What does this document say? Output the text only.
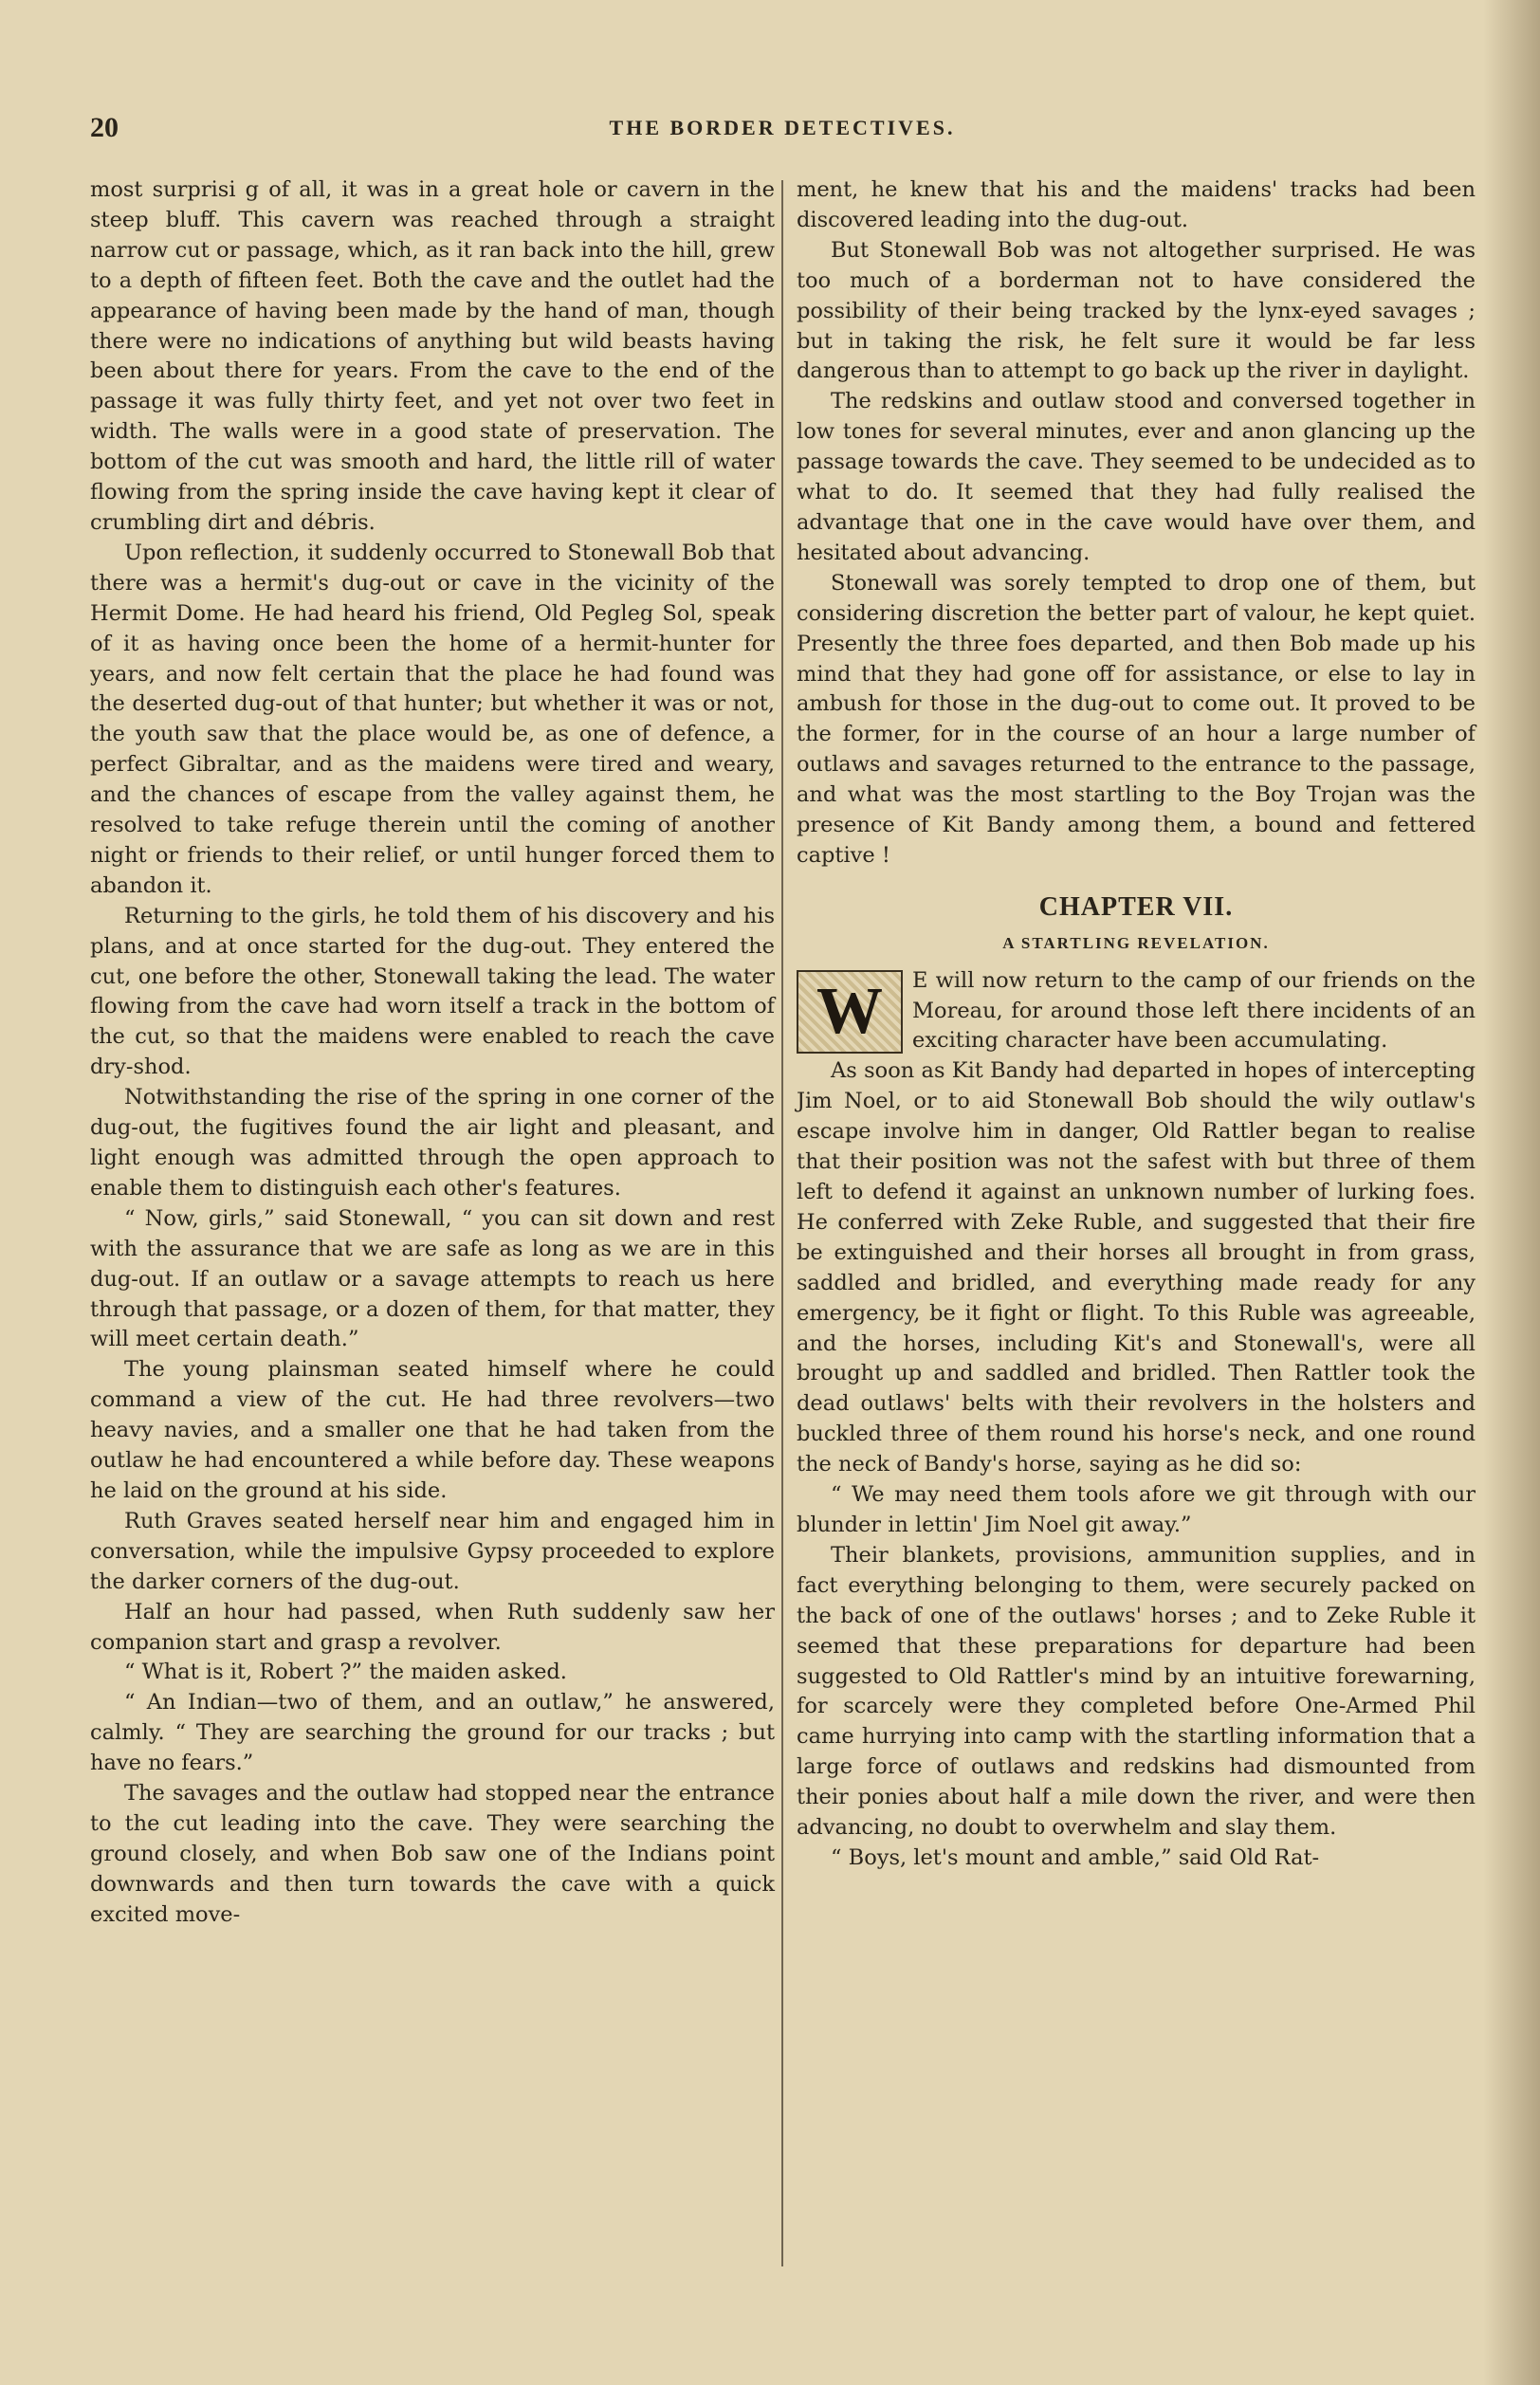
20	THE BORDER DETECTIVES.

most surprisi g of all, it was in a great hole or cavern in the steep bluff. This cavern was reached through a straight narrow cut or passage, which, as it ran back into the hill, grew to a depth of fifteen feet. Both the cave and the outlet had the appearance of having been made by the hand of man, though there were no indications of anything but wild beasts having been about there for years. From the cave to the end of the passage it was fully thirty feet, and yet not over two feet in width. The walls were in a good state of preservation. The bottom of the cut was smooth and hard, the little rill of water flowing from the spring inside the cave having kept it clear of crumbling dirt and débris.

Upon reflection, it suddenly occurred to Stonewall Bob that there was a hermit's dug-out or cave in the vicinity of the Hermit Dome. He had heard his friend, Old Pegleg Sol, speak of it as having once been the home of a hermit-hunter for years, and now felt certain that the place he had found was the deserted dug-out of that hunter; but whether it was or not, the youth saw that the place would be, as one of defence, a perfect Gibraltar, and as the maidens were tired and weary, and the chances of escape from the valley against them, he resolved to take refuge therein until the coming of another night or friends to their relief, or until hunger forced them to abandon it.

Returning to the girls, he told them of his discovery and his plans, and at once started for the dug-out. They entered the cut, one before the other, Stonewall taking the lead. The water flowing from the cave had worn itself a track in the bottom of the cut, so that the maidens were enabled to reach the cave dry-shod.

Notwithstanding the rise of the spring in one corner of the dug-out, the fugitives found the air light and pleasant, and light enough was admitted through the open approach to enable them to distinguish each other's features.

“ Now, girls,” said Stonewall, “ you can sit down and rest with the assurance that we are safe as long as we are in this dug-out. If an outlaw or a savage attempts to reach us here through that passage, or a dozen of them, for that matter, they will meet certain death.”

The young plainsman seated himself where he could command a view of the cut. He had three revolvers—two heavy navies, and a smaller one that he had taken from the outlaw he had encountered a while before day. These weapons he laid on the ground at his side.

Ruth Graves seated herself near him and engaged him in conversation, while the impulsive Gypsy proceeded to explore the darker corners of the dug-out.

Half an hour had passed, when Ruth suddenly saw her companion start and grasp a revolver.

“ What is it, Robert ?” the maiden asked.

“ An Indian—two of them, and an outlaw,” he answered, calmly. “ They are searching the ground for our tracks ; but have no fears.”

The savages and the outlaw had stopped near the entrance to the cut leading into the cave. They were searching the ground closely, and when Bob saw one of the Indians point downwards and then turn towards the cave with a quick excited move-

ment, he knew that his and the maidens' tracks had been discovered leading into the dug-out.

But Stonewall Bob was not altogether surprised. He was too much of a borderman not to have considered the possibility of their being tracked by the lynx-eyed savages ; but in taking the risk, he felt sure it would be far less dangerous than to attempt to go back up the river in daylight.

The redskins and outlaw stood and conversed together in low tones for several minutes, ever and anon glancing up the passage towards the cave. They seemed to be undecided as to what to do. It seemed that they had fully realised the advantage that one in the cave would have over them, and hesitated about advancing.

Stonewall was sorely tempted to drop one of them, but considering discretion the better part of valour, he kept quiet. Presently the three foes departed, and then Bob made up his mind that they had gone off for assistance, or else to lay in ambush for those in the dug-out to come out. It proved to be the former, for in the course of an hour a large number of outlaws and savages returned to the entrance to the passage, and what was the most startling to the Boy Trojan was the presence of Kit Bandy among them, a bound and fettered captive !

CHAPTER VII.
A STARTLING REVELATION.
W	E will now return to the camp of our friends on the Moreau, for around those left there incidents of an exciting character have been accumulating.

As soon as Kit Bandy had departed in hopes of intercepting Jim Noel, or to aid Stonewall Bob should the wily outlaw's escape involve him in danger, Old Rattler began to realise that their position was not the safest with but three of them left to defend it against an unknown number of lurking foes. He conferred with Zeke Ruble, and suggested that their fire be extinguished and their horses all brought in from grass, saddled and bridled, and everything made ready for any emergency, be it fight or flight. To this Ruble was agreeable, and the horses, including Kit's and Stonewall's, were all brought up and saddled and bridled. Then Rattler took the dead outlaws' belts with their revolvers in the holsters and buckled three of them round his horse's neck, and one round the neck of Bandy's horse, saying as he did so:

“ We may need them tools afore we git through with our blunder in lettin' Jim Noel git away.”

Their blankets, provisions, ammunition supplies, and in fact everything belonging to them, were securely packed on the back of one of the outlaws' horses ; and to Zeke Ruble it seemed that these preparations for departure had been suggested to Old Rattler's mind by an intuitive forewarning, for scarcely were they completed before One-Armed Phil came hurrying into camp with the startling information that a large force of outlaws and redskins had dismounted from their ponies about half a mile down the river, and were then advancing, no doubt to overwhelm and slay them.

“ Boys, let's mount and amble,” said Old Rat-
